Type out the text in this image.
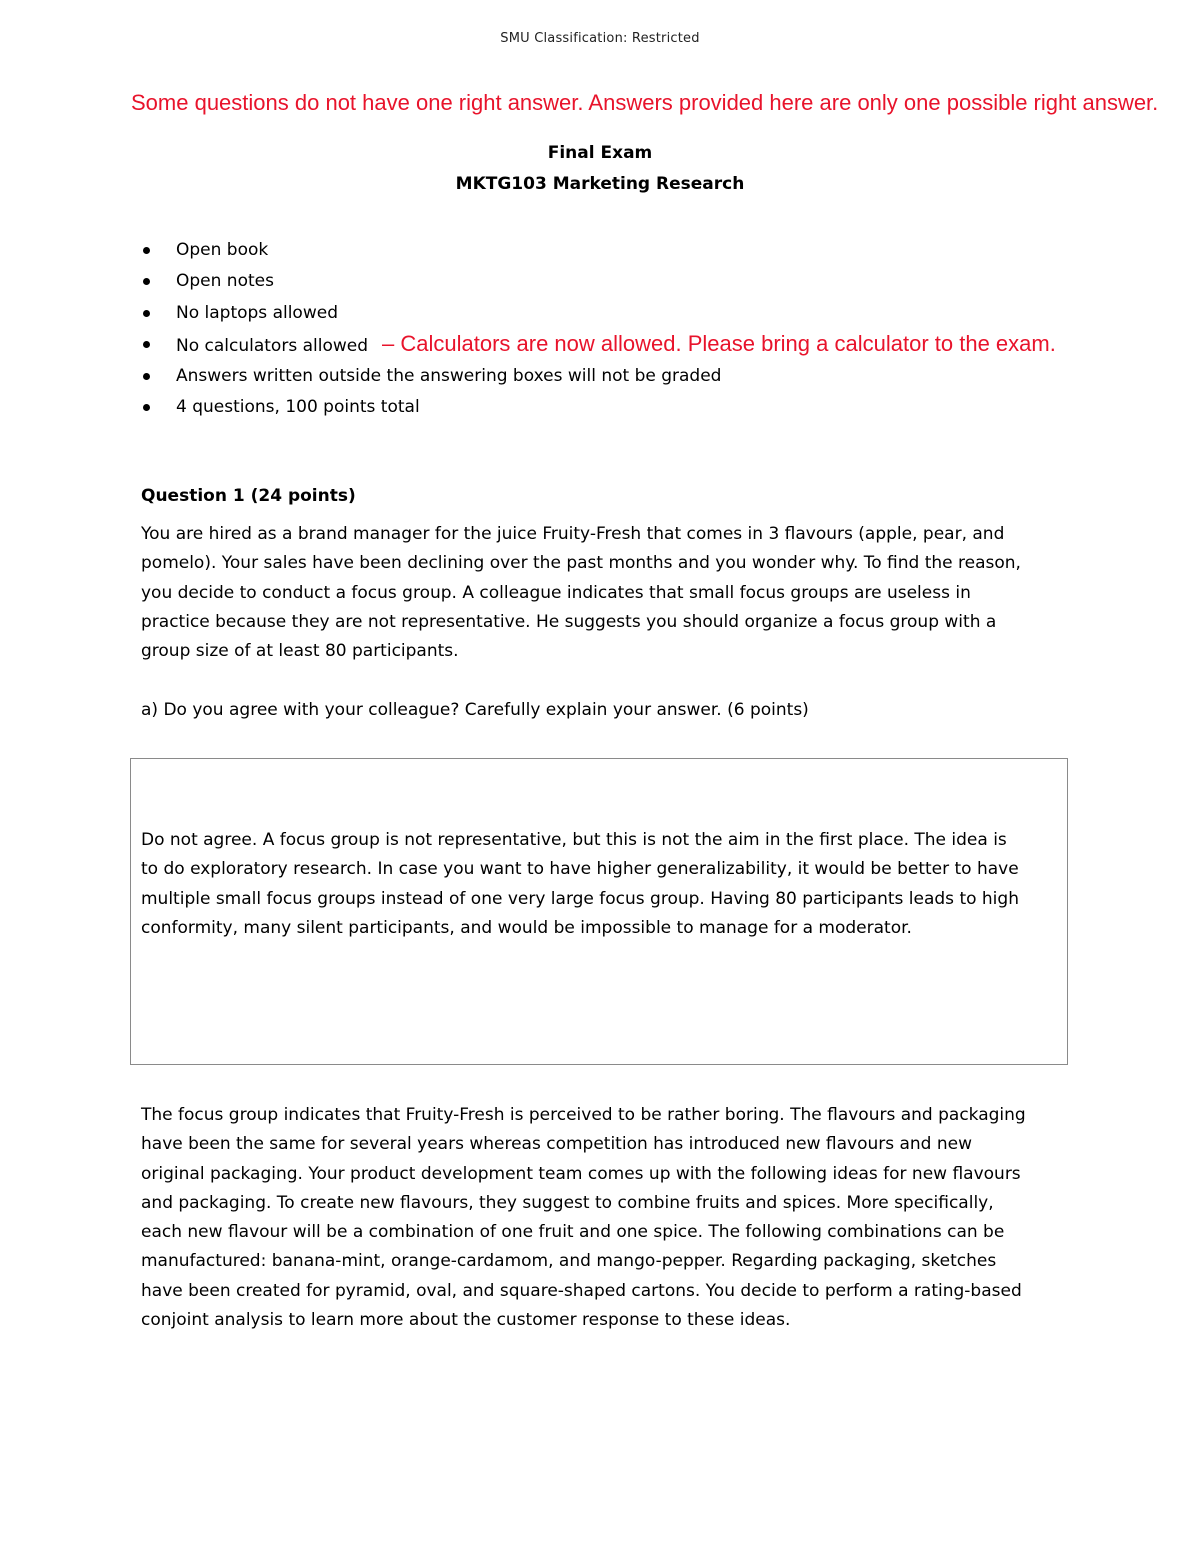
SMU Classification: Restricted
Some questions do not have one right answer. Answers provided here are only one possible right answer.
Final Exam
MKTG103 Marketing Research
Open book
Open notes
No laptops allowed
No calculators allowed – Calculators are now allowed. Please bring a calculator to the exam.
Answers written outside the answering boxes will not be graded
4 questions, 100 points total
Question 1 (24 points)
You are hired as a brand manager for the juice Fruity-Fresh that comes in 3 flavours (apple, pear, and
pomelo). Your sales have been declining over the past months and you wonder why. To find the reason,
you decide to conduct a focus group. A colleague indicates that small focus groups are useless in
practice because they are not representative. He suggests you should organize a focus group with a
group size of at least 80 participants.
a) Do you agree with your colleague? Carefully explain your answer. (6 points)
Do not agree. A focus group is not representative, but this is not the aim in the first place. The idea is
to do exploratory research. In case you want to have higher generalizability, it would be better to have
multiple small focus groups instead of one very large focus group. Having 80 participants leads to high
conformity, many silent participants, and would be impossible to manage for a moderator.
The focus group indicates that Fruity-Fresh is perceived to be rather boring. The flavours and packaging
have been the same for several years whereas competition has introduced new flavours and new
original packaging. Your product development team comes up with the following ideas for new flavours
and packaging. To create new flavours, they suggest to combine fruits and spices. More specifically,
each new flavour will be a combination of one fruit and one spice. The following combinations can be
manufactured: banana-mint, orange-cardamom, and mango-pepper. Regarding packaging, sketches
have been created for pyramid, oval, and square-shaped cartons. You decide to perform a rating-based
conjoint analysis to learn more about the customer response to these ideas.
